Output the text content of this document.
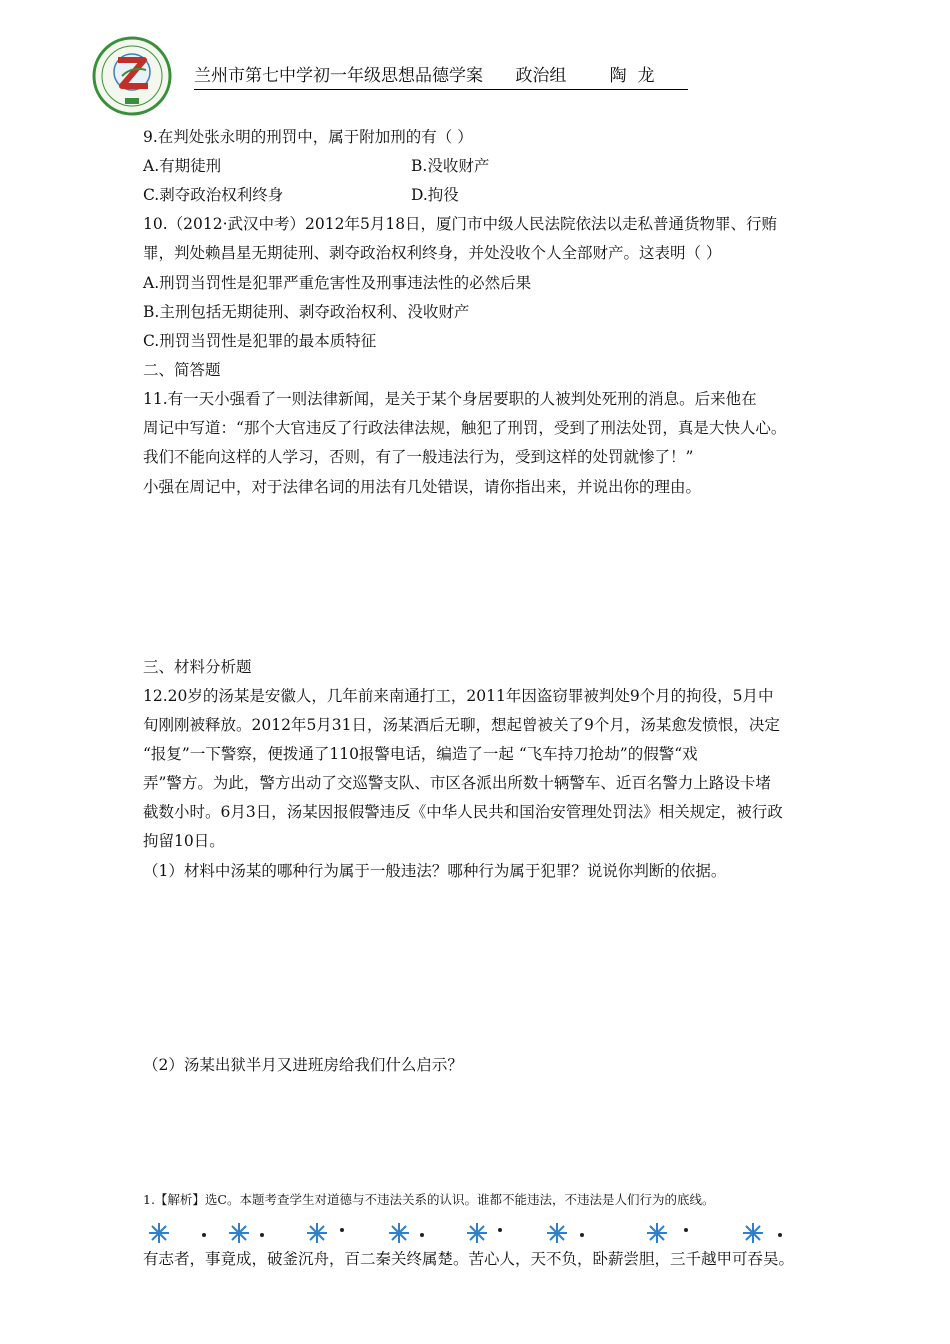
兰州市第七中学初一年级思想品德学案 政治组	陶  龙
9.在判处张永明的刑罚中，属于附加刑的有（ ）
A.有期徒刑	B.没收财产
C.剥夺政治权利终身	D.拘役
10.（2012·武汉中考）2012年5月18日，厦门市中级人民法院依法以走私普通货物罪、行贿
罪，判处赖昌星无期徒刑、剥夺政治权利终身，并处没收个人全部财产。这表明（ ）
A.刑罚当罚性是犯罪严重危害性及刑事违法性的必然后果
B.主刑包括无期徒刑、剥夺政治权利、没收财产
C.刑罚当罚性是犯罪的最本质特征
二、简答题
11.有一天小强看了一则法律新闻，是关于某个身居要职的人被判处死刑的消息。后来他在
周记中写道：“那个大官违反了行政法律法规，触犯了刑罚，受到了刑法处罚，真是大快人心。
我们不能向这样的人学习，否则，有了一般违法行为，受到这样的处罚就惨了！”
小强在周记中，对于法律名词的用法有几处错误，请你指出来，并说出你的理由。
三、材料分析题
12.20岁的汤某是安徽人，几年前来南通打工，2011年因盗窃罪被判处9个月的拘役，5月中
旬刚刚被释放。2012年5月31日，汤某酒后无聊，想起曾被关了9个月，汤某愈发愤恨，决定
“报复”一下警察，便拨通了110报警电话，编造了一起 “飞车持刀抢劫”的假警“戏
弄”警方。为此，警方出动了交巡警支队、市区各派出所数十辆警车、近百名警力上路设卡堵
截数小时。6月3日，汤某因报假警违反《中华人民共和国治安管理处罚法》相关规定，被行政
拘留10日。
（1）材料中汤某的哪种行为属于一般违法？哪种行为属于犯罪？说说你判断的依据。
（2）汤某出狱半月又进班房给我们什么启示？
1.【解析】选C。本题考查学生对道德与不违法关系的认识。谁都不能违法，不违法是人们行为的底线。
有志者，事竟成，破釜沉舟，百二秦关终属楚。苦心人，天不负，卧薪尝胆，三千越甲可吞吴。
